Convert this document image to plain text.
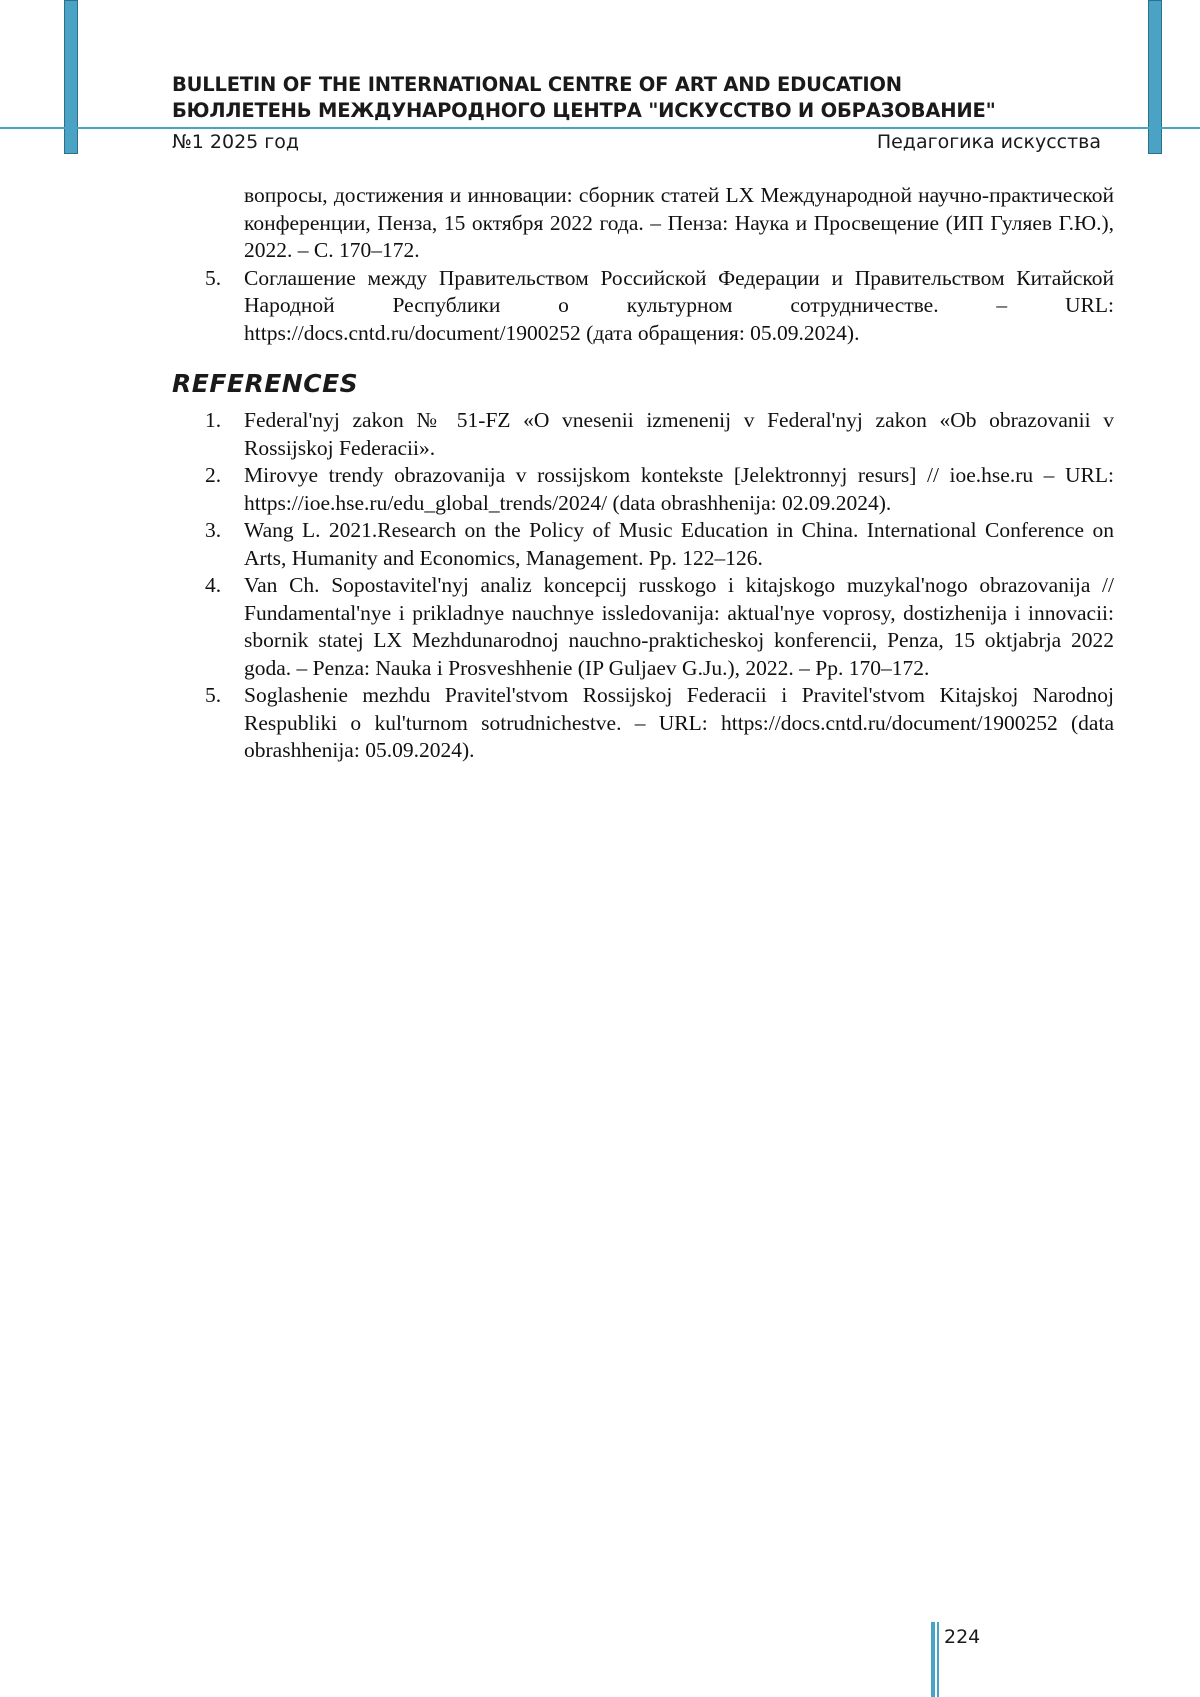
BULLETIN OF THE INTERNATIONAL CENTRE OF ART AND EDUCATION
БЮЛЛЕТЕНЬ МЕЖДУНАРОДНОГО ЦЕНТРА "ИСКУССТВО И ОБРАЗОВАНИЕ"
№1 2025 год	Педагогика искусства

вопросы, достижения и инновации: сборник статей LX Международной научно-практической конференции, Пенза, 15 октября 2022 года. – Пенза: Наука и Просвещение (ИП Гуляев Г.Ю.), 2022. – С. 170–172.

5. Соглашение между Правительством Российской Федерации и Правительством Китайской Народной Республики о культурном сотрудничестве. – URL: https://docs.cntd.ru/document/1900252 (дата обращения: 05.09.2024).

REFERENCES

1. Federal'nyj zakon № 51-FZ «O vnesenii izmenenij v Federal'nyj zakon «Ob obrazovanii v Rossijskoj Federacii».

2. Mirovye trendy obrazovanija v rossijskom kontekste [Jelektronnyj resurs] // ioe.hse.ru – URL: https://ioe.hse.ru/edu_global_trends/2024/ (data obrashhenija: 02.09.2024).

3. Wang L. 2021.Research on the Policy of Music Education in China. International Conference on Arts, Humanity and Economics, Management. Pp. 122–126.

4. Van Ch. Sopostavitel'nyj analiz koncepcij russkogo i kitajskogo muzykal'nogo obrazovanija // Fundamental'nye i prikladnye nauchnye issledovanija: aktual'nye voprosy, dostizhenija i innovacii: sbornik statej LX Mezhdunarodnoj nauchno-prakticheskoj konferencii, Penza, 15 oktjabrja 2022 goda. – Penza: Nauka i Prosveshhenie (IP Guljaev G.Ju.), 2022. – Pp. 170–172.

5. Soglashenie mezhdu Pravitel'stvom Rossijskoj Federacii i Pravitel'stvom Kitajskoj Narodnoj Respubliki o kul'turnom sotrudnichestve. – URL: https://docs.cntd.ru/document/1900252 (data obrashhenija: 05.09.2024).

224
